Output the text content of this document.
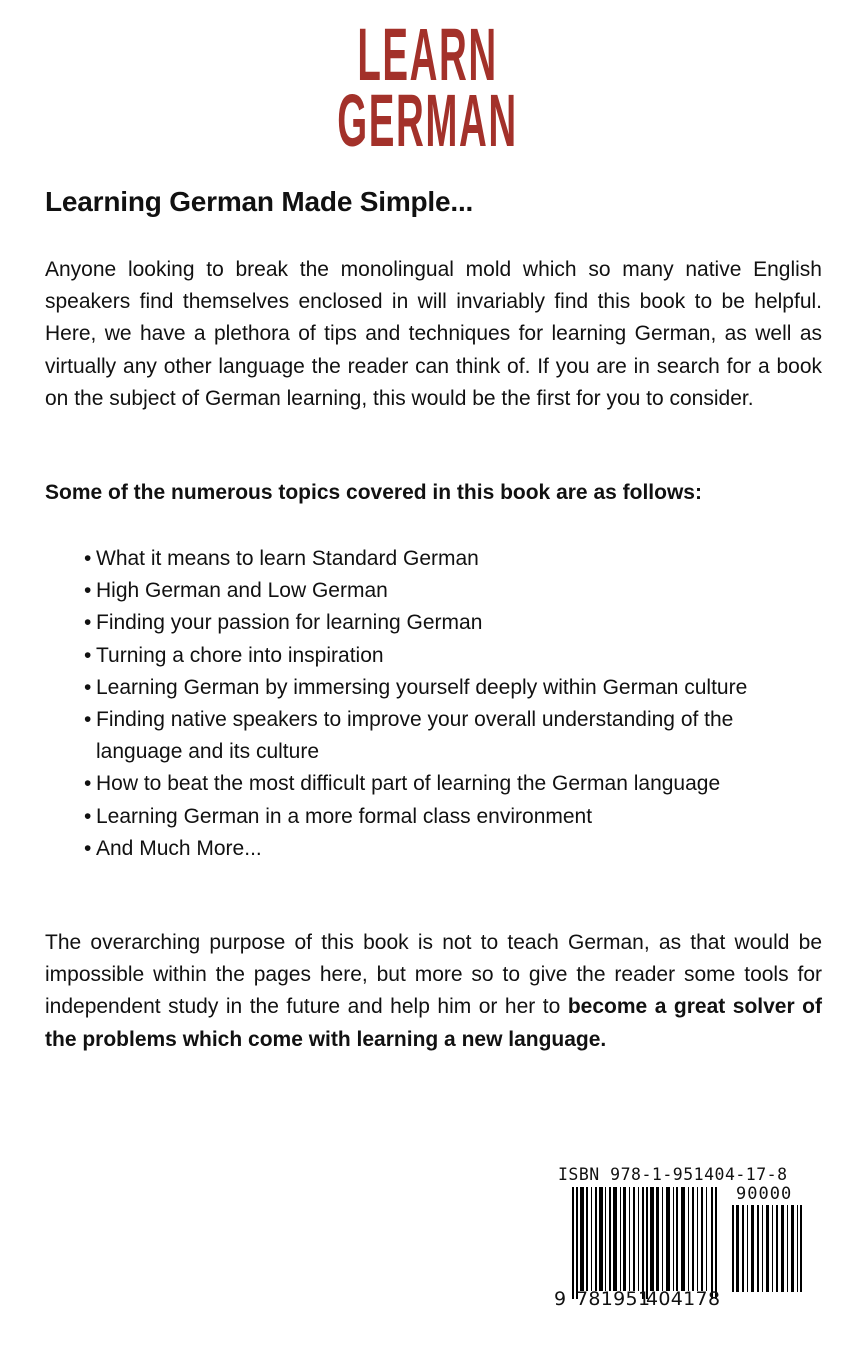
LEARN
GERMAN
Learning German Made Simple...

Anyone looking to break the monolingual mold which so many native English speakers find themselves enclosed in will invariably find this book to be helpful. Here, we have a plethora of tips and techniques for learning German, as well as virtually any other language the reader can think of. If you are in search for a book on the subject of German learning, this would be the first for you to consider.

Some of the numerous topics covered in this book are as follows:

• What it means to learn Standard German
• High German and Low German
• Finding your passion for learning German
• Turning a chore into inspiration
• Learning German by immersing yourself deeply within German culture
• Finding native speakers to improve your overall understanding of the language and its culture
• How to beat the most difficult part of learning the German language
• Learning German in a more formal class environment
• And Much More...

The overarching purpose of this book is not to teach German, as that would be impossible within the pages here, but more so to give the reader some tools for independent study in the future and help him or her to become a great solver of the problems which come with learning a new language.

ISBN 978-1-951404-17-8
90000
9 781951
404178
